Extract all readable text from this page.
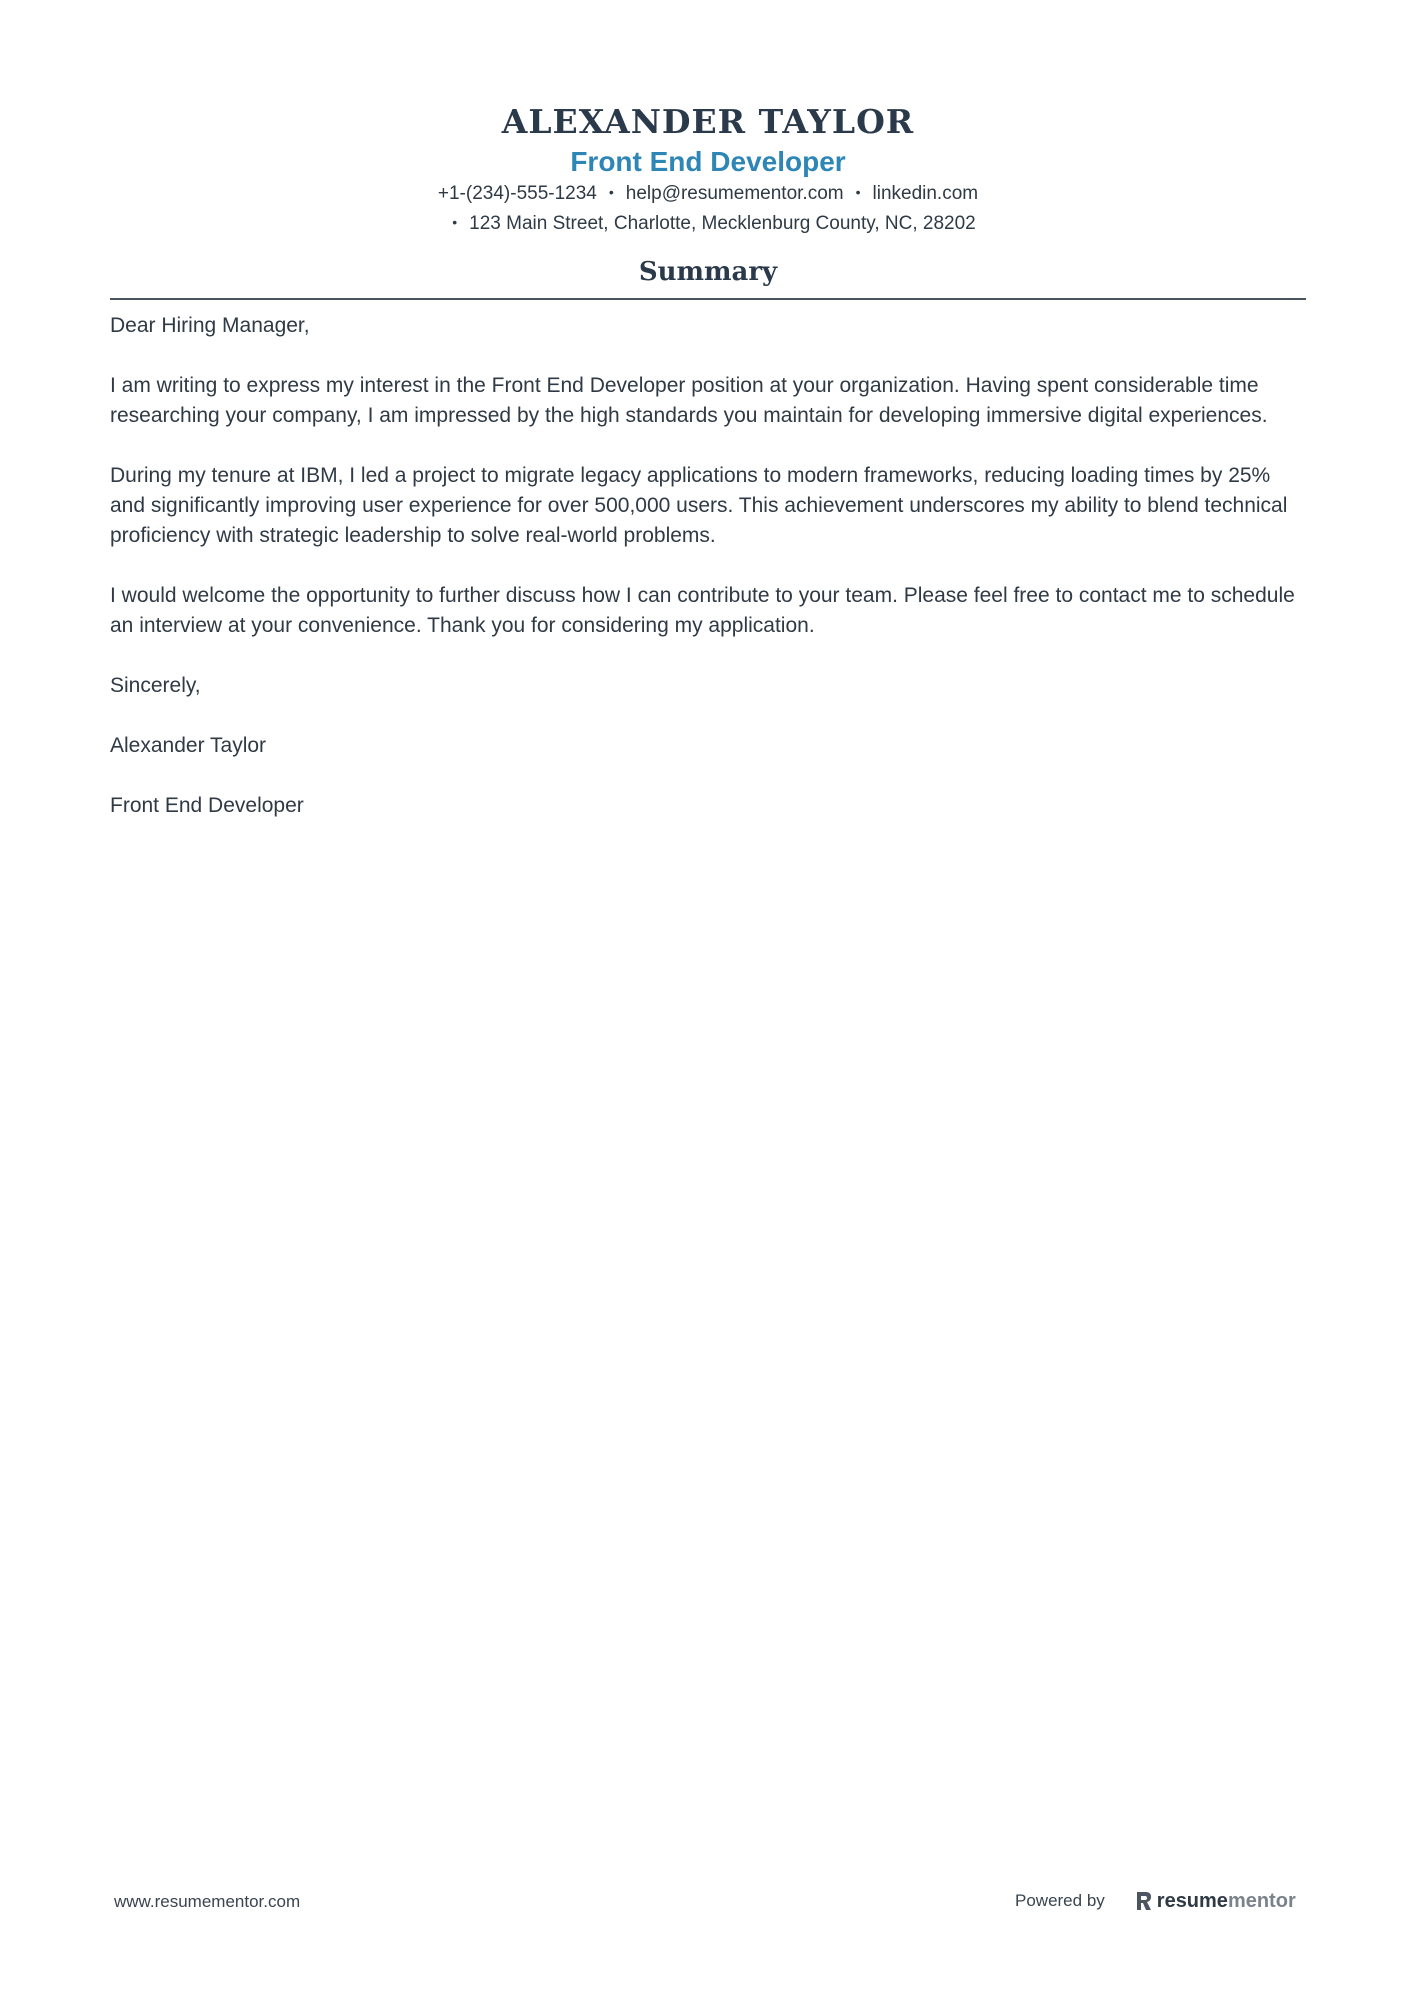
ALEXANDER TAYLOR
Front End Developer

+1-(234)-555-1234 • help@resumementor.com • linkedin.com

• 123 Main Street, Charlotte, Mecklenburg County, NC, 28202

Summary

Dear Hiring Manager,

I am writing to express my interest in the Front End Developer position at your organization. Having spent considerable time researching your company, I am impressed by the high standards you maintain for developing immersive digital experiences.

During my tenure at IBM, I led a project to migrate legacy applications to modern frameworks, reducing loading times by 25% and significantly improving user experience for over 500,000 users. This achievement underscores my ability to blend technical proficiency with strategic leadership to solve real-world problems.

I would welcome the opportunity to further discuss how I can contribute to your team. Please feel free to contact me to schedule an interview at your convenience. Thank you for considering my application.

Sincerely,

Alexander Taylor

Front End Developer

www.resumementor.com	Powered by	resume mentor
